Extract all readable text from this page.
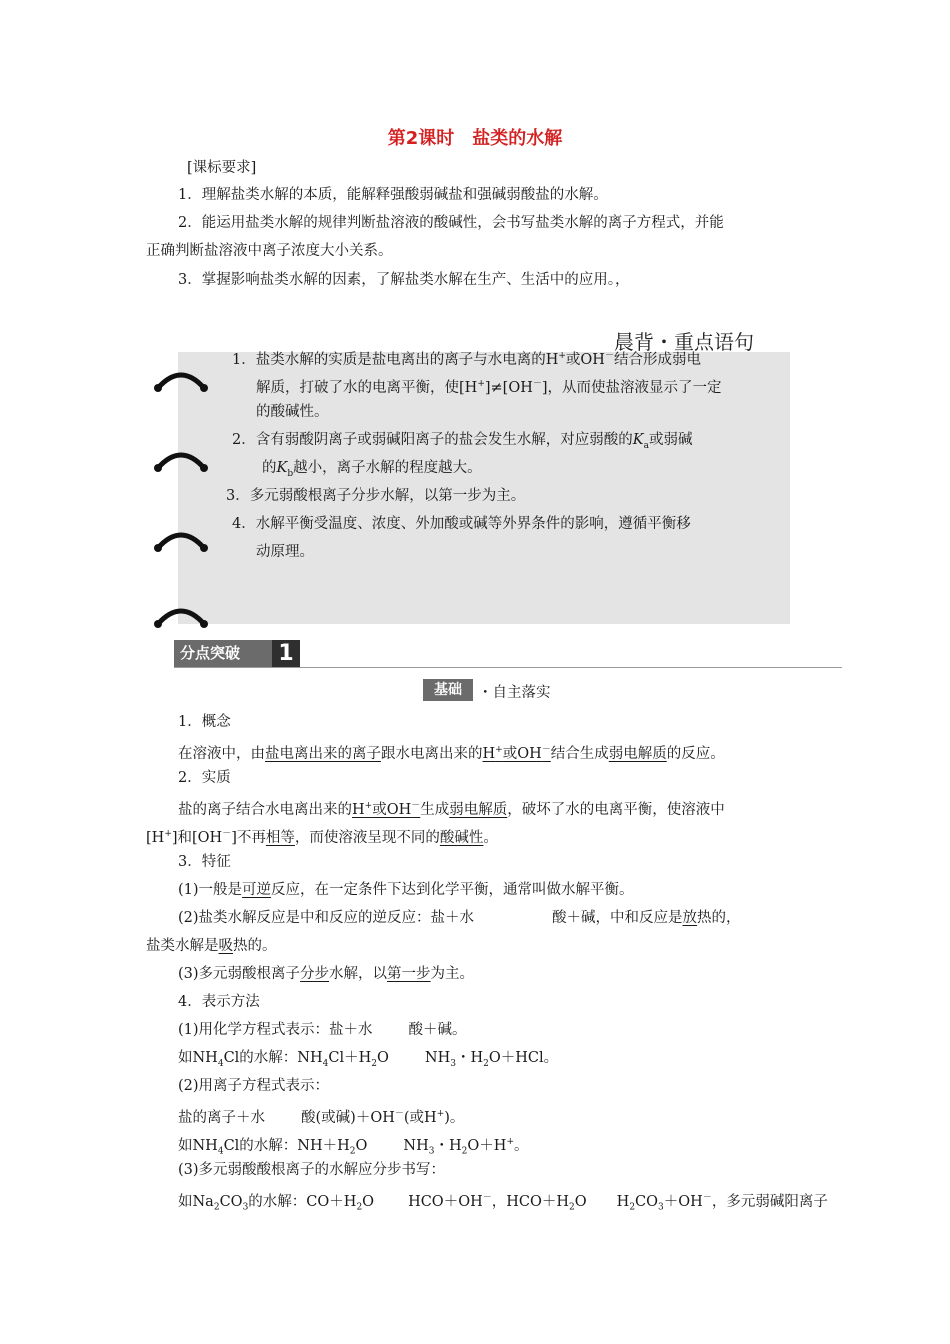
第2课时　盐类的水解
[课标要求]
1．理解盐类水解的本质，能解释强酸弱碱盐和强碱弱酸盐的水解。
2．能运用盐类水解的规律判断盐溶液的酸碱性，会书写盐类水解的离子方程式，并能
正确判断盐溶液中离子浓度大小关系。
3．掌握影响盐类水解的因素，了解盐类水解在生产、生活中的应用。，
晨背・重点语句
1．盐类水解的实质是盐电离出的离子与水电离的H+或OH－结合形成弱电
解质，打破了水的电离平衡，使[H+]≠[OH－]，从而使盐溶液显示了一定
的酸碱性。
2．含有弱酸阴离子或弱碱阳离子的盐会发生水解，对应弱酸的$K_a$或弱碱
的$K_b$越小，离子水解的程度越大。
3．多元弱酸根离子分步水解，以第一步为主。
4．水解平衡受温度、浓度、外加酸或碱等外界条件的影响，遵循平衡移
动原理。
分点突破 1
基础	・自主落实
1．概念
在溶液中，由盐电离出来的离子跟水电离出来的H+或OH－结合生成弱电解质的反应。
2．实质
盐的离子结合水电离出来的H+或OH－生成弱电解质，破坏了水的电离平衡，使溶液中
[H+]和[OH－]不再相等，而使溶液呈现不同的酸碱性。
3．特征
(1)一般是可逆反应，在一定条件下达到化学平衡，通常叫做水解平衡。
(2)盐类水解反应是中和反应的逆反应：盐＋水	酸＋碱，中和反应是放热的，
盐类水解是吸热的。
(3)多元弱酸根离子分步水解，以第一步为主。
4．表示方法
(1)用化学方程式表示：盐＋水 酸＋碱。
如$NH_4Cl$的水解：$NH_4Cl+H_2O$ $NH_3$・$H_2O+HCl$。
(2)用离子方程式表示：
盐的离子＋水 酸(或碱)＋OH－(或H+)。
如$NH_4Cl$的水解：$NH+H_2O$ $NH_3$・$H_2O+H^+$。
(3)多元弱酸酸根离子的水解应分步书写：
如$Na_2CO_3$的水解：$CO+H_2O$ HCO＋OH－，$HCO+H_2O$ $H_2CO_3+OH^-$，多元弱碱阳离子
